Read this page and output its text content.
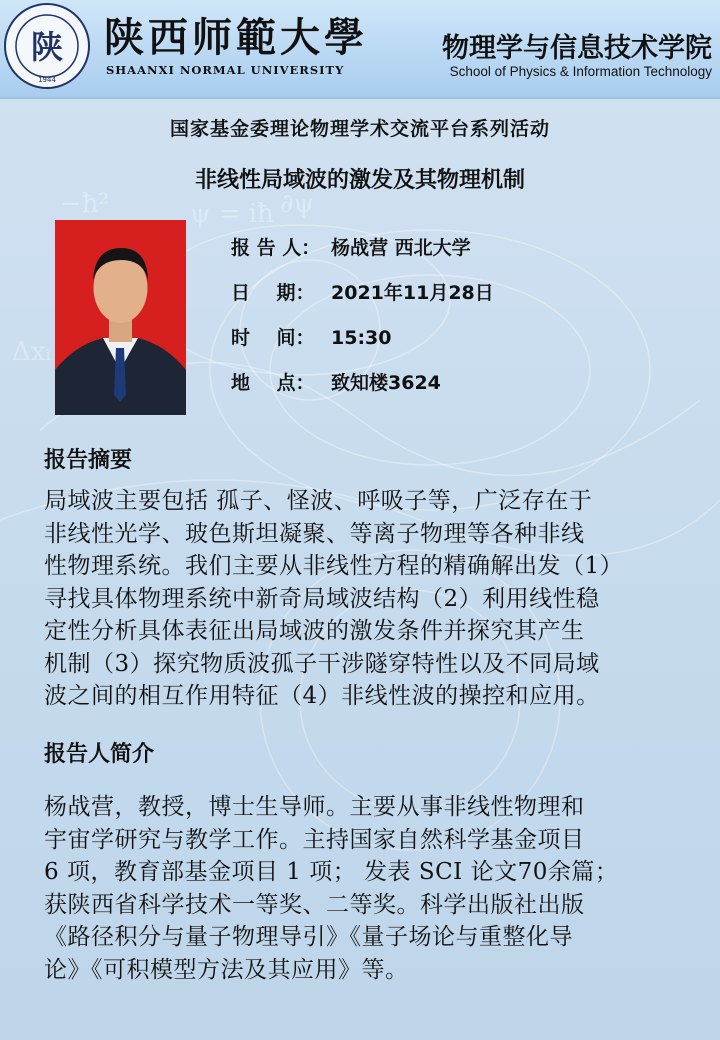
−ħ²	ψ = iħ ∂ψ
Δxᵢ
陕
1944
陕西师範大學
SHAANXI NORMAL UNIVERSITY
物理学与信息技术学院
School of Physics & Information Technology
国家基金委理论物理学术交流平台系列活动
非线性局域波的激发及其物理机制
报 告 人： 杨战营 西北大学
日    期： 2021年11月28日
时    间： 15:30
地    点： 致知楼3624
报告摘要
局域波主要包括 孤子、怪波、呼吸子等，广泛存在于
非线性光学、玻色斯坦凝聚、等离子物理等各种非线
性物理系统。我们主要从非线性方程的精确解出发（1）
寻找具体物理系统中新奇局域波结构（2）利用线性稳
定性分析具体表征出局域波的激发条件并探究其产生
机制（3）探究物质波孤子干涉隧穿特性以及不同局域
波之间的相互作用特征（4）非线性波的操控和应用。
报告人简介
杨战营，教授，博士生导师。主要从事非线性物理和
宇宙学研究与教学工作。主持国家自然科学基金项目
6 项，教育部基金项目 1 项； 发表 SCI 论文70余篇；
获陕西省科学技术一等奖、二等奖。科学出版社出版
《路径积分与量子物理导引》《量子场论与重整化导
论》《可积模型方法及其应用》等。
